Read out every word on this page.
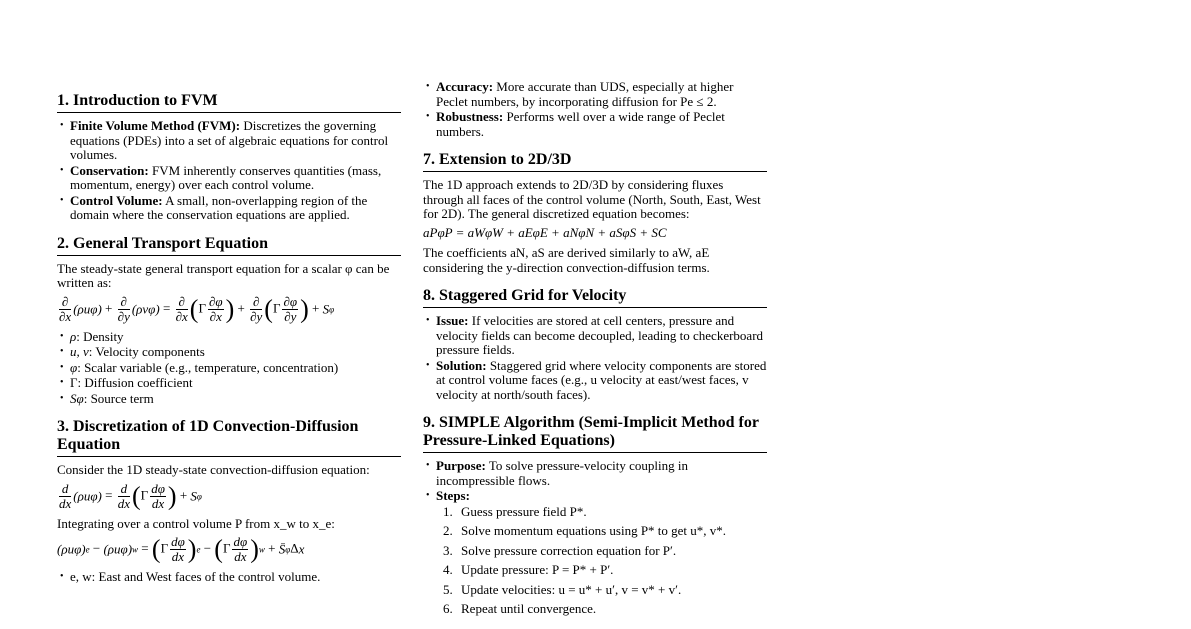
1. Introduction to FVM
• Finite Volume Method (FVM): Discretizes the governing equations (PDEs) into a set of algebraic equations for control volumes.
• Conservation: FVM inherently conserves quantities (mass, momentum, energy) over each control volume.
• Control Volume: A small, non-overlapping region of the domain where the conservation equations are applied.
2. General Transport Equation

The steady-state general transport equation for a scalar φ can be written as:

$\frac{\partial}{\partial x} (\rho u\varphi) + \frac{\partial}{\partial y} (\rho v\varphi) = \frac{\partial}{\partial x} (\Gamma \frac{\partial\varphi}{\partial x}$ ) + $\frac{\partial}{\partial y} (\Gamma \frac{\partial\varphi}{\partial y}$ ) + Sφ
• ρ: Density
• u, v: Velocity components
• φ: Scalar variable (e.g., temperature, concentration)
• Γ: Diffusion coefficient
• Sφ: Source term
3. Discretization of 1D Convection-Diffusion Equation

Consider the 1D steady-state convection-diffusion equation:

$\frac{d}{dx} (\rho u\varphi) = \frac{d}{dx} (\Gamma \frac{d\varphi}{dx}$ ) + Sφ

Integrating over a control volume P from x_w to x_e:

$(\rho u\varphi)e - (\rho u\varphi)w = (\Gamma \frac{d\varphi}{dx} )e - (\Gamma \frac{d\varphi}{dx} )w$ + S̄φΔx
• e, w: East and West faces of the control volume.
• Accuracy: More accurate than UDS, especially at higher Peclet numbers, by incorporating diffusion for Pe ≤ 2.
• Robustness: Performs well over a wide range of Peclet numbers.
7. Extension to 2D/3D

The 1D approach extends to 2D/3D by considering fluxes through all faces of the control volume (North, South, East, West for 2D). The general discretized equation becomes:

aPφP = aWφW + aEφE + aNφN + aSφS + SC

The coefficients aN, aS are derived similarly to aW, aE considering the y-direction convection-diffusion terms.

8. Staggered Grid for Velocity
• Issue: If velocities are stored at cell centers, pressure and velocity fields can become decoupled, leading to checkerboard pressure fields.
• Solution: Staggered grid where velocity components are stored at control volume faces (e.g., u velocity at east/west faces, v velocity at north/south faces).
9. SIMPLE Algorithm (Semi-Implicit Method for Pressure-Linked Equations)
• Purpose: To solve pressure-velocity coupling in incompressible flows.
• Steps:
1. Guess pressure field P*.
2. Solve momentum equations using P* to get u*, v*.
3. Solve pressure correction equation for P′.
4. Update pressure: P = P* + P′.
5. Update velocities: u = u* + u′, v = v* + v′.
6. Repeat until convergence.
